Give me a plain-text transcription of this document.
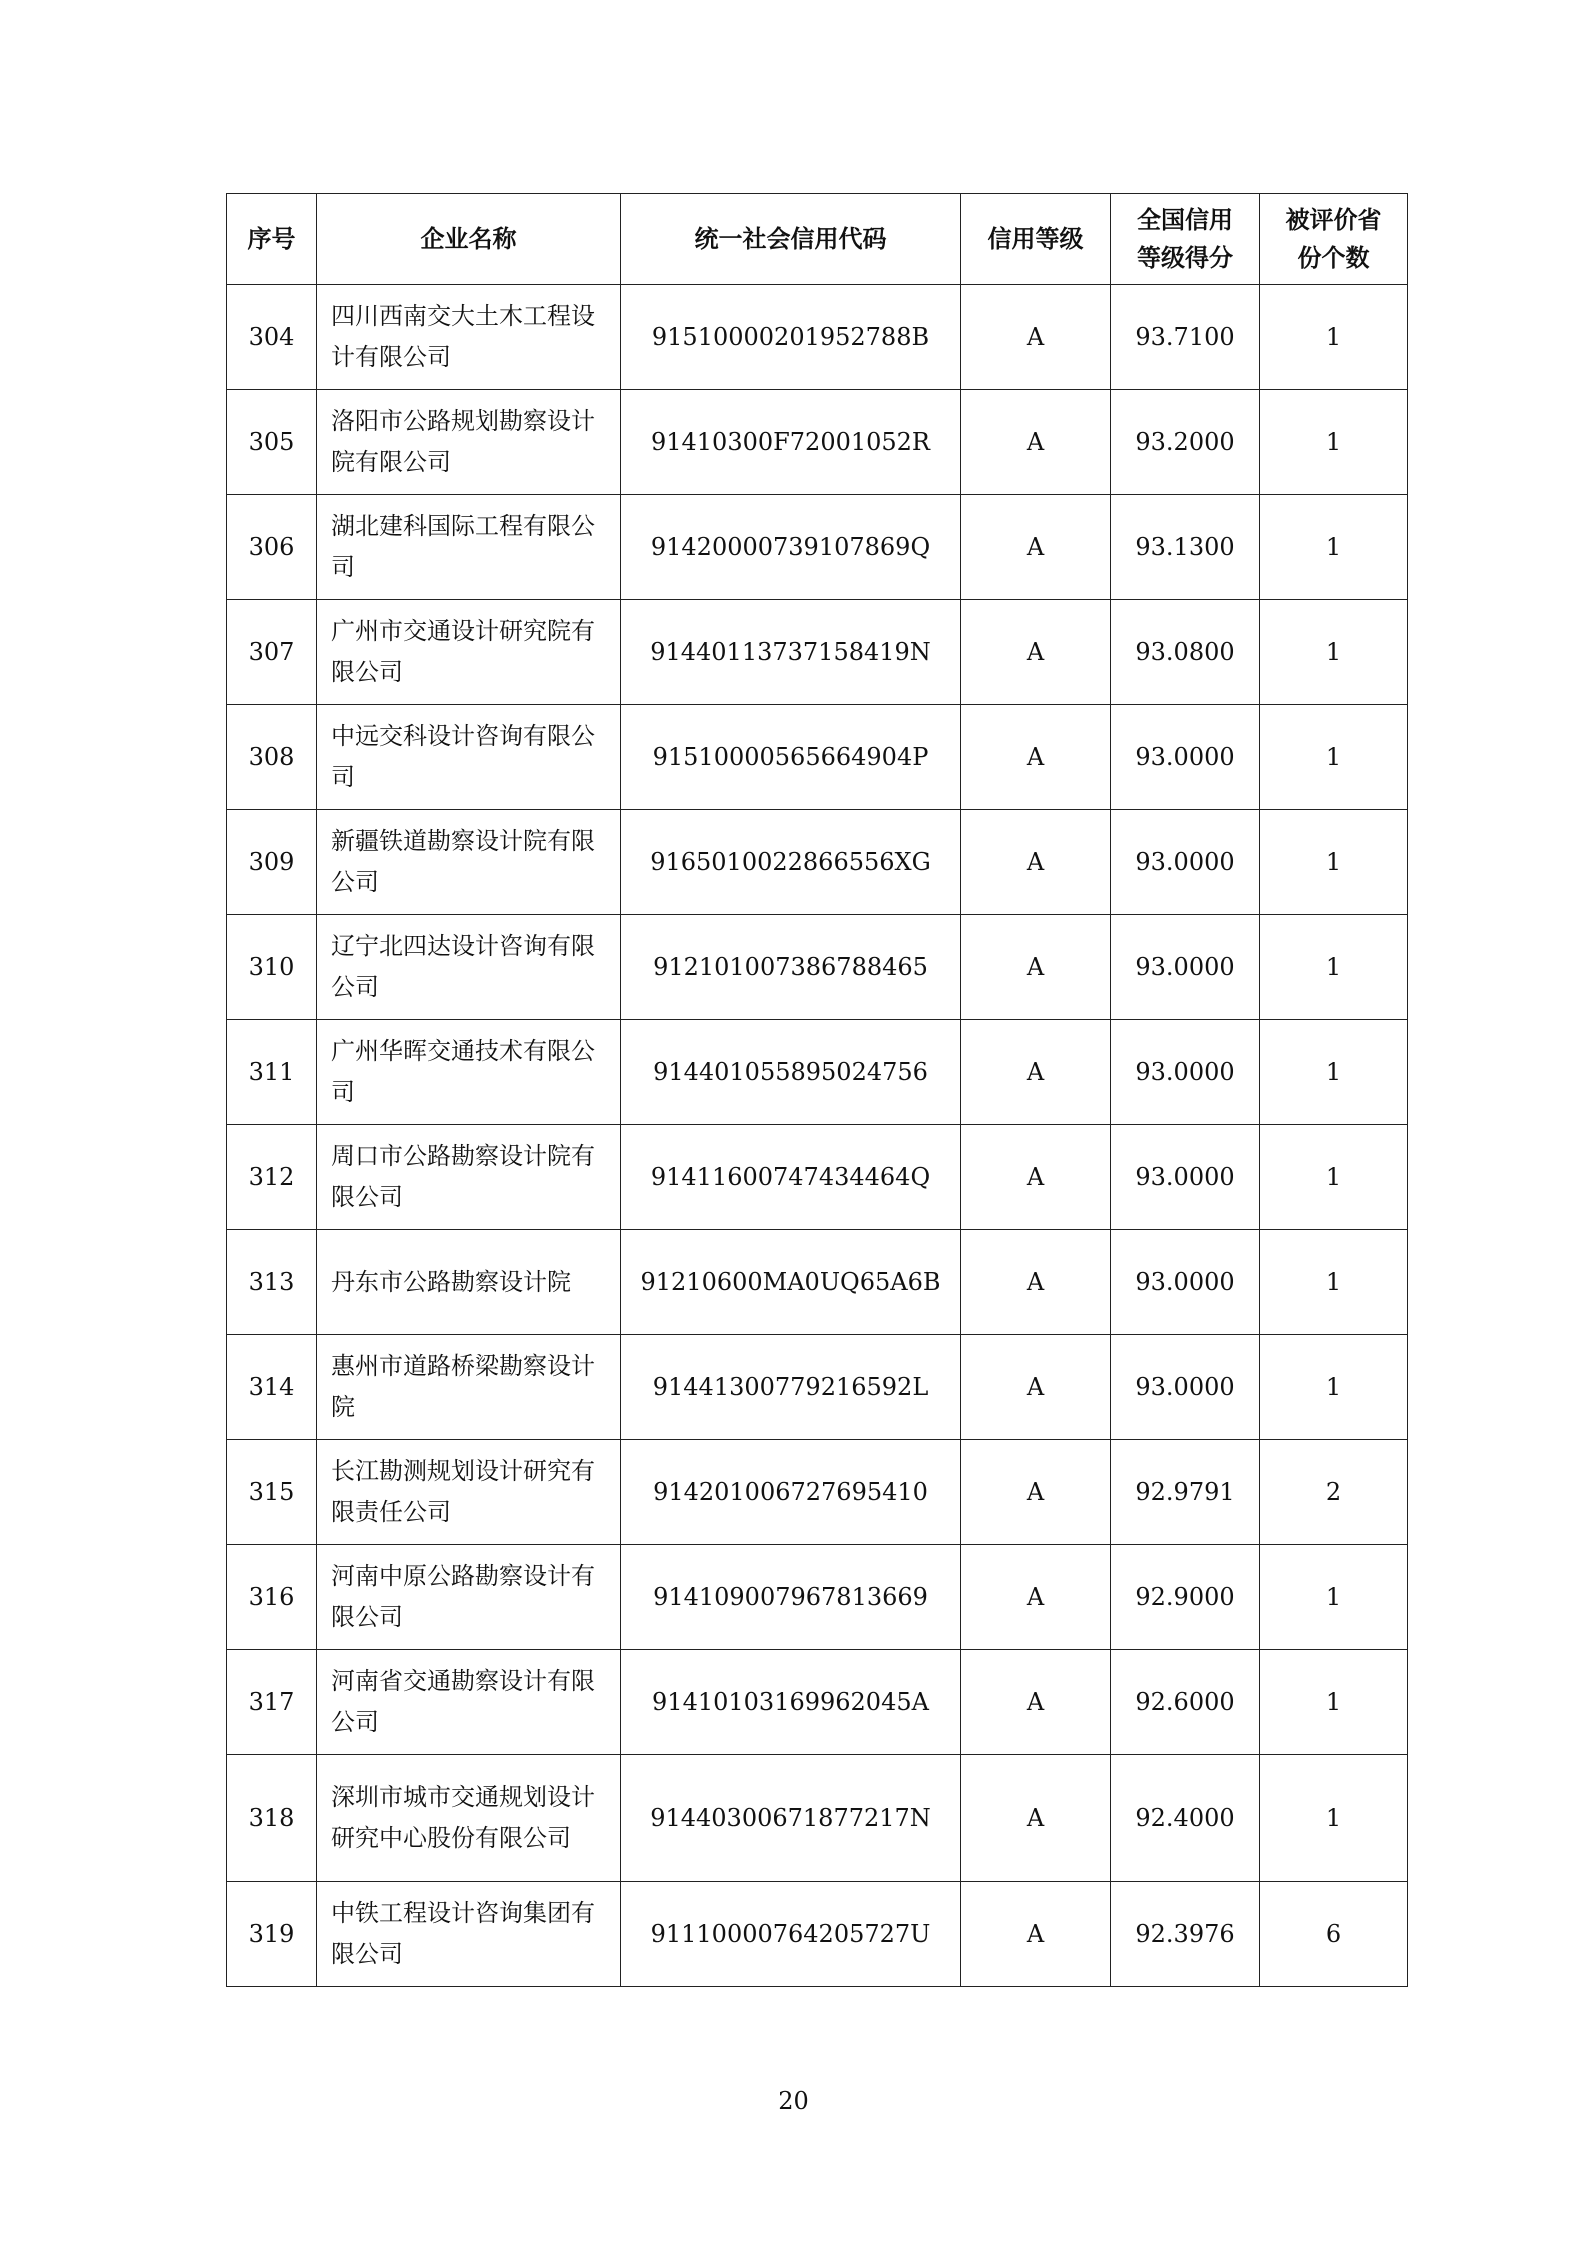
序号	企业名称	统一社会信用代码	信用等级	全国信用等级得分	被评价省份个数
304	四川西南交大土木工程设计有限公司	9151000020195278​8B	A	93.7100	1
305	洛阳市公路规划勘察设计院有限公司	91410300F72001052R	A	93.2000	1
306	湖北建科国际工程有限公司	91420000739107869Q	A	93.1300	1
307	广州市交通设计研究院有限公司	91440113737158419N	A	93.0800	1
308	中远交科设计咨询有限公司	91510000565664904P	A	93.0000	1
309	新疆铁道勘察设计院有限公司	9165010022866556XG	A	93.0000	1
310	辽宁北四达设计咨询有限公司	912101007386788465	A	93.0000	1
311	广州华晖交通技术有限公司	914401055895024756	A	93.0000	1
312	周口市公路勘察设计院有限公司	91411600747434464Q	A	93.0000	1
313	丹东市公路勘察设计院	91210600MA0UQ65A6B	A	93.0000	1
314	惠州市道路桥梁勘察设计院	91441300779216592L	A	93.0000	1
315	长江勘测规划设计研究有限责任公司	914201006727695410	A	92.9791	2
316	河南中原公路勘察设计有限公司	914109007967813669	A	92.9000	1
317	河南省交通勘察设计有限公司	91410103169962045A	A	92.6000	1
318	深圳市城市交通规划设计研究中心股份有限公司	91440300671877217N	A	92.4000	1
319	中铁工程设计咨询集团有限公司	91110000764205727U	A	92.3976	6
20
